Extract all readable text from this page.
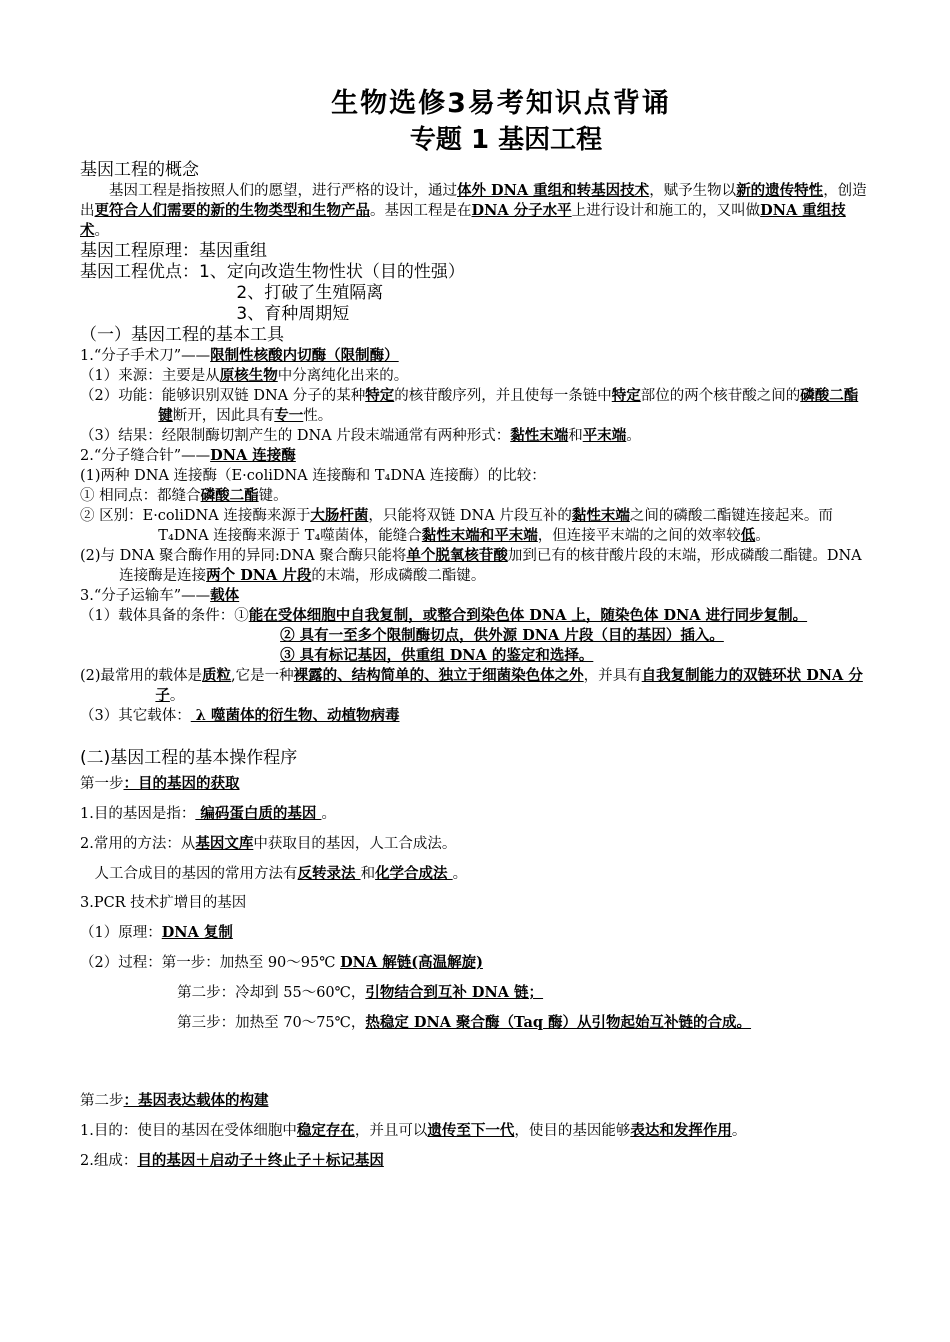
生物选修3易考知识点背诵
专题 1 基因工程
基因工程的概念
基因工程是指按照人们的愿望，进行严格的设计，通过体外 DNA 重组和转基因技术，赋予生物以新的遗传特性，创造出更符合人们需要的新的生物类型和生物产品。基因工程是在DNA 分子水平上进行设计和施工的，又叫做DNA 重组技术。
基因工程原理：基因重组
基因工程优点：1、定向改造生物性状（目的性强）
2、打破了生殖隔离
3、育种周期短
（一）基因工程的基本工具
1.“分子手术刀”——限制性核酸内切酶（限制酶）
（1）来源：主要是从原核生物中分离纯化出来的。
（2）功能：能够识别双链 DNA 分子的某种特定的核苷酸序列，并且使每一条链中特定部位的两个核苷酸之间的磷酸二酯键断开，因此具有专一性。
（3）结果：经限制酶切割产生的 DNA 片段末端通常有两种形式：黏性末端和平末端。
2.“分子缝合针”——DNA 连接酶
(1)两种 DNA 连接酶（E·coliDNA 连接酶和 T₄DNA 连接酶）的比较：
① 相同点：都缝合磷酸二酯键。
② 区别：E·coliDNA 连接酶来源于大肠杆菌，只能将双链 DNA 片段互补的黏性末端之间的磷酸二酯键连接起来。而 T₄DNA 连接酶来源于 T₄噬菌体，能缝合黏性末端和平末端，但连接平末端的之间的效率较低。
(2)与 DNA 聚合酶作用的异同:DNA 聚合酶只能将单个脱氧核苷酸加到已有的核苷酸片段的末端，形成磷酸二酯键。DNA 连接酶是连接两个 DNA 片段的末端，形成磷酸二酯键。
3.“分子运输车”——载体
（1）载体具备的条件：①能在受体细胞中自我复制，或整合到染色体 DNA 上，随染色体 DNA 进行同步复制。
② 具有一至多个限制酶切点，供外源 DNA 片段（目的基因）插入。
③ 具有标记基因，供重组 DNA 的鉴定和选择。
(2)最常用的载体是质粒,它是一种裸露的、结构简单的、独立于细菌染色体之外，并具有自我复制能力的双链环状 DNA 分子。
（3）其它载体： λ 噬菌体的衍生物、动植物病毒
(二)基因工程的基本操作程序
第一步：目的基因的获取
1.目的基因是指： 编码蛋白质的基因 。
2.常用的方法：从基因文库中获取目的基因，人工合成法。
人工合成目的基因的常用方法有反转录法 和化学合成法 。
3.PCR 技术扩增目的基因
（1）原理：DNA 复制
（2）过程：第一步：加热至 90～95℃ DNA 解链(高温解旋)
第二步：冷却到 55～60℃，引物结合到互补 DNA 链；
第三步：加热至 70～75℃，热稳定 DNA 聚合酶（Taq 酶）从引物起始互补链的合成。
第二步：基因表达载体的构建
1.目的：使目的基因在受体细胞中稳定存在，并且可以遗传至下一代，使目的基因能够表达和发挥作用。
2.组成：目的基因＋启动子＋终止子＋标记基因
